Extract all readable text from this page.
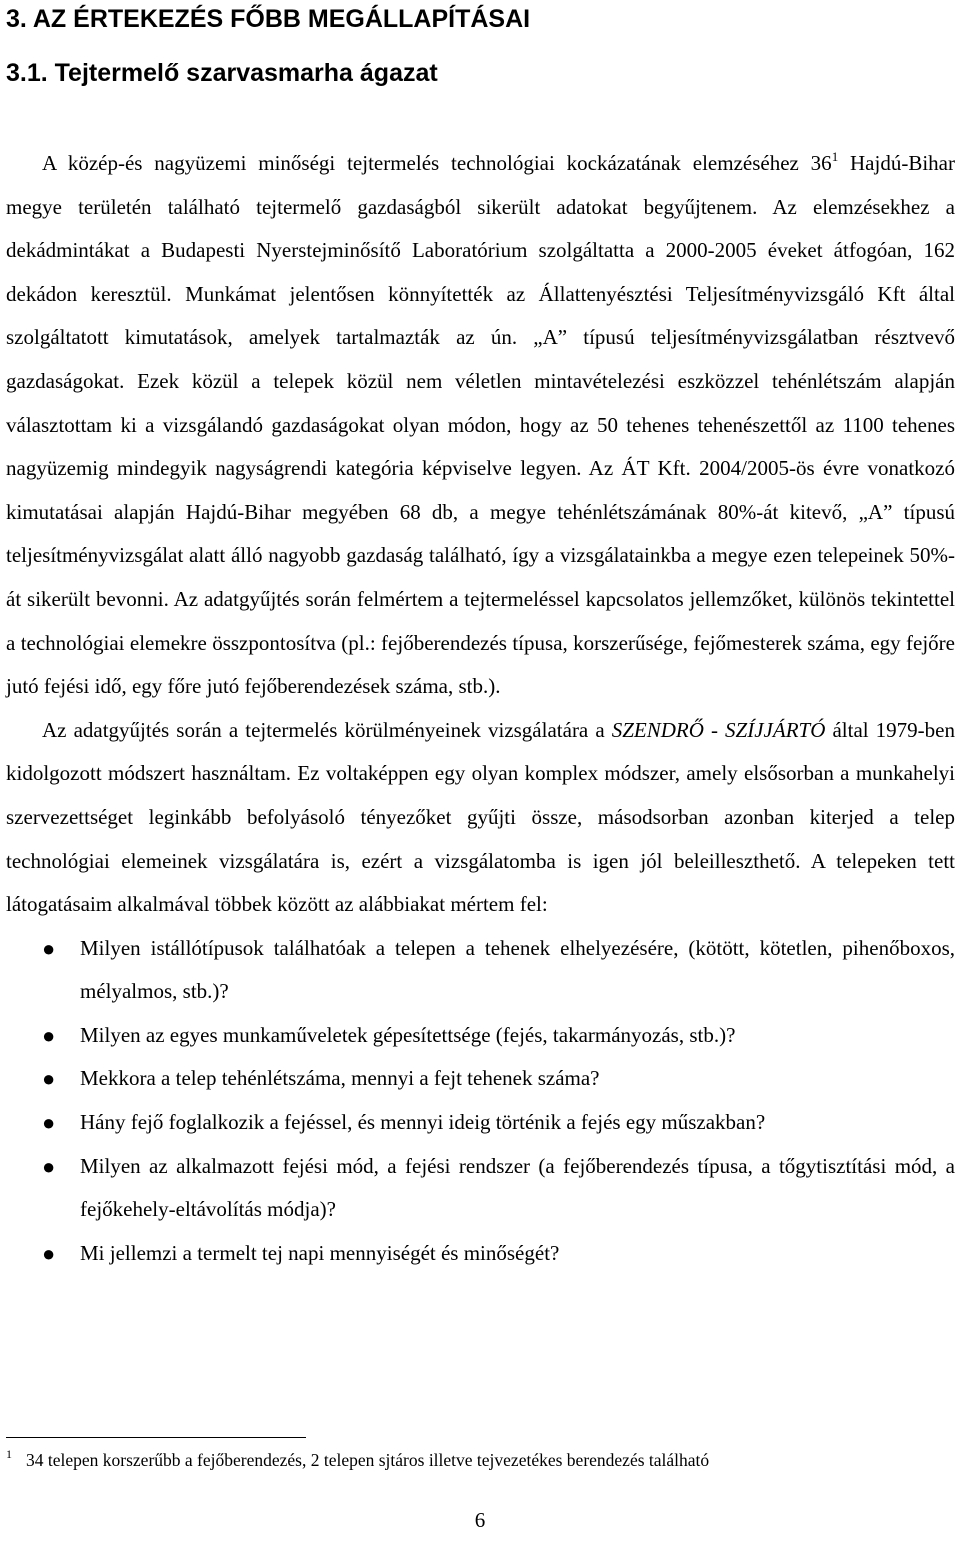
3. AZ ÉRTEKEZÉS FŐBB MEGÁLLAPÍTÁSAI
3.1. Tejtermelő szarvasmarha ágazat

A közép-és nagyüzemi minőségi tejtermelés technológiai kockázatának elemzéséhez 36$^1$ Hajdú-Bihar megye területén található tejtermelő gazdaságból sikerült adatokat begyűjtenem. Az elemzésekhez a dekádmintákat a Budapesti Nyerstejminősítő Laboratórium szolgáltatta a 2000-2005 éveket átfogóan, 162 dekádon keresztül. Munkámat jelentősen könnyítették az Állattenyésztési Teljesítményvizsgáló Kft által szolgáltatott kimutatások, amelyek tartalmazták az ún. „A” típusú teljesítményvizsgálatban résztvevő gazdaságokat. Ezek közül a telepek közül nem véletlen mintavételezési eszközzel tehénlétszám alapján választottam ki a vizsgálandó gazdaságokat olyan módon, hogy az 50 tehenes tehenészettől az 1100 tehenes nagyüzemig mindegyik nagyságrendi kategória képviselve legyen. Az ÁT Kft. 2004/2005-ös évre vonatkozó kimutatásai alapján Hajdú-Bihar megyében 68 db, a megye tehénlétszámának 80%-át kitevő, „A” típusú teljesítményvizsgálat alatt álló nagyobb gazdaság található, így a vizsgálatainkba a megye ezen telepeinek 50%-át sikerült bevonni. Az adatgyűjtés során felmértem a tejtermeléssel kapcsolatos jellemzőket, különös tekintettel a technológiai elemekre összpontosítva (pl.: fejőberendezés típusa, korszerűsége, fejőmesterek száma, egy fejőre jutó fejési idő, egy főre jutó fejőberendezések száma, stb.).

Az adatgyűjtés során a tejtermelés körülményeinek vizsgálatára a SZENDRŐ - SZÍJJÁRTÓ által 1979-ben kidolgozott módszert használtam. Ez voltaképpen egy olyan komplex módszer, amely elsősorban a munkahelyi szervezettséget leginkább befolyásoló tényezőket gyűjti össze, másodsorban azonban kiterjed a telep technológiai elemeinek vizsgálatára is, ezért a vizsgálatomba is igen jól beleilleszthető. A telepeken tett látogatásaim alkalmával többek között az alábbiakat mértem fel:

● Milyen istállótípusok találhatóak a telepen a tehenek elhelyezésére, (kötött, kötetlen, pihenőboxos, mélyalmos, stb.)?
● Milyen az egyes munkaműveletek gépesítettsége (fejés, takarmányozás, stb.)?
● Mekkora a telep tehénlétszáma, mennyi a fejt tehenek száma?
● Hány fejő foglalkozik a fejéssel, és mennyi ideig történik a fejés egy műszakban?
● Milyen az alkalmazott fejési mód, a fejési rendszer (a fejőberendezés típusa, a tőgytisztítási mód, a fejőkehely-eltávolítás módja)?
● Mi jellemzi a termelt tej napi mennyiségét és minőségét?
$^1$ 34 telepen korszerűbb a fejőberendezés, 2 telepen sjtáros illetve tejvezetékes berendezés található
6
